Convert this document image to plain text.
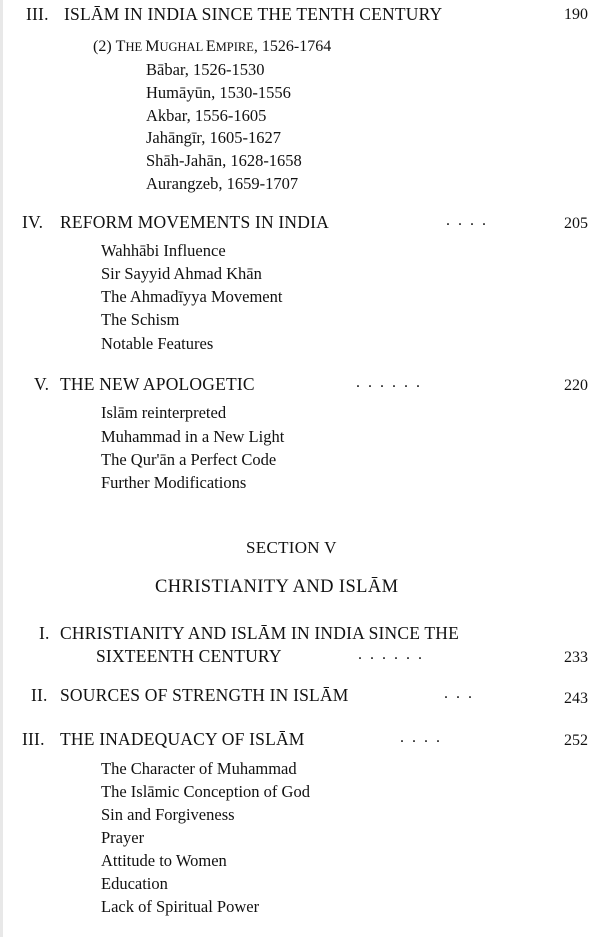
III. ISLĀM IN INDIA SINCE THE TENTH CENTURY	190
(2) THE MUGHAL EMPIRE, 1526-1764
Bābar, 1526-1530
Humāyūn, 1530-1556
Akbar, 1556-1605
Jahāngīr, 1605-1627
Shāh-Jahān, 1628-1658
Aurangzeb, 1659-1707
IV. REFORM MOVEMENTS IN INDIA	. . . .	205
Wahhābi Influence
Sir Sayyid Ahmad Khān
The Ahmadīyya Movement
The Schism
Notable Features
V. THE NEW APOLOGETIC	. . . . . .	220
Islām reinterpreted
Muhammad in a New Light
The Qur'ān a Perfect Code
Further Modifications
SECTION V
CHRISTIANITY AND ISLĀM
I. CHRISTIANITY AND ISLĀM IN INDIA SINCE THE
SIXTEENTH CENTURY	. . . . . .	233
II. SOURCES OF STRENGTH IN ISLĀM	. . .	243
III. THE INADEQUACY OF ISLĀM	. . . .	252
The Character of Muhammad
The Islāmic Conception of God
Sin and Forgiveness
Prayer
Attitude to Women
Education
Lack of Spiritual Power
